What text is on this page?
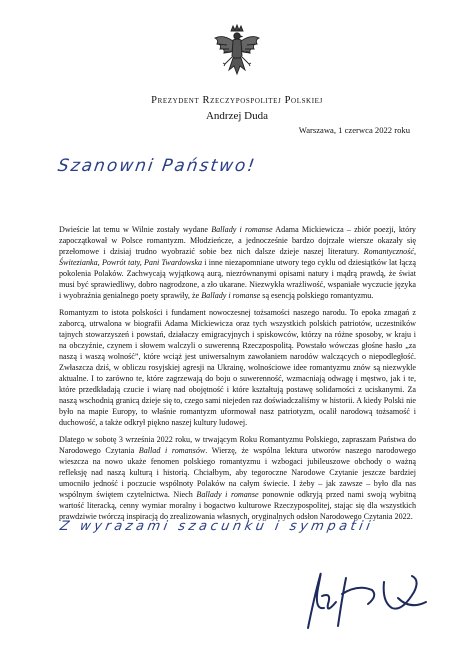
Prezydent Rzeczypospolitej Polskiej
Andrzej Duda
Warszawa, 1 czerwca 2022 roku
Szanowni Państwo!

Dwieście lat temu w Wilnie zostały wydane Ballady i romanse Adama Mickiewicza – zbiór poezji, który zapoczątkował w Polsce romantyzm. Młodzieńcze, a jednocześnie bardzo dojrzałe wiersze okazały się przełomowe i dzisiaj trudno wyobrazić sobie bez nich dalsze dzieje naszej literatury. Romantyczność, Świtezianka, Powrót taty, Pani Twardowska i inne niezapomniane utwory tego cyklu od dziesiątków lat łączą pokolenia Polaków. Zachwycają wyjątkową aurą, niezrównanymi opisami natury i mądrą prawdą, że świat musi być sprawiedliwy, dobro nagrodzone, a zło ukarane. Niezwykła wrażliwość, wspaniałe wyczucie języka i wyobraźnia genialnego poety sprawiły, że Ballady i romanse są esencją polskiego romantyzmu.

Romantyzm to istota polskości i fundament nowoczesnej tożsamości naszego narodu. To epoka zmagań z zaborcą, utrwalona w biografii Adama Mickiewicza oraz tych wszystkich polskich patriotów, uczestników tajnych stowarzyszeń i powstań, działaczy emigracyjnych i spiskowców, którzy na różne sposoby, w kraju i na obczyźnie, czynem i słowem walczyli o suwerenną Rzeczpospolitą. Powstało wówczas głośne hasło „za naszą i waszą wolność”, które wciąż jest uniwersalnym zawołaniem narodów walczących o niepodległość. Zwłaszcza dziś, w obliczu rosyjskiej agresji na Ukrainę, wolnościowe idee romantyzmu znów są niezwykle aktualne. I to zarówno te, które zagrzewają do boju o suwerenność, wzmacniają odwagę i męstwo, jak i te, które przedkładają czucie i wiarę nad obojętność i które kształtują postawę solidarności z uciskanymi. Za naszą wschodnią granicą dzieje się to, czego sami niejeden raz doświadczaliśmy w historii. A kiedy Polski nie było na mapie Europy, to właśnie romantyzm uformował nasz patriotyzm, ocalił narodową tożsamość i duchowość, a także odkrył piękno naszej kultury ludowej.

Dlatego w sobotę 3 września 2022 roku, w trwającym Roku Romantyzmu Polskiego, zapraszam Państwa do Narodowego Czytania Ballad i romansów. Wierzę, że wspólna lektura utworów naszego narodowego wieszcza na nowo ukaże fenomen polskiego romantyzmu i wzbogaci jubileuszowe obchody o ważną refleksję nad naszą kulturą i historią. Chciałbym, aby tegoroczne Narodowe Czytanie jeszcze bardziej umocniło jedność i poczucie wspólnoty Polaków na całym świecie. I żeby – jak zawsze – było dla nas wspólnym świętem czytelnictwa. Niech Ballady i romanse ponownie odkryją przed nami swoją wybitną wartość literacką, cenny wymiar moralny i bogactwo kulturowe Rzeczypospolitej, stając się dla wszystkich prawdziwie twórczą inspiracją do zrealizowania własnych, oryginalnych odsłon Narodowego Czytania 2022.

Z wyrazami szacunku i sympatii
